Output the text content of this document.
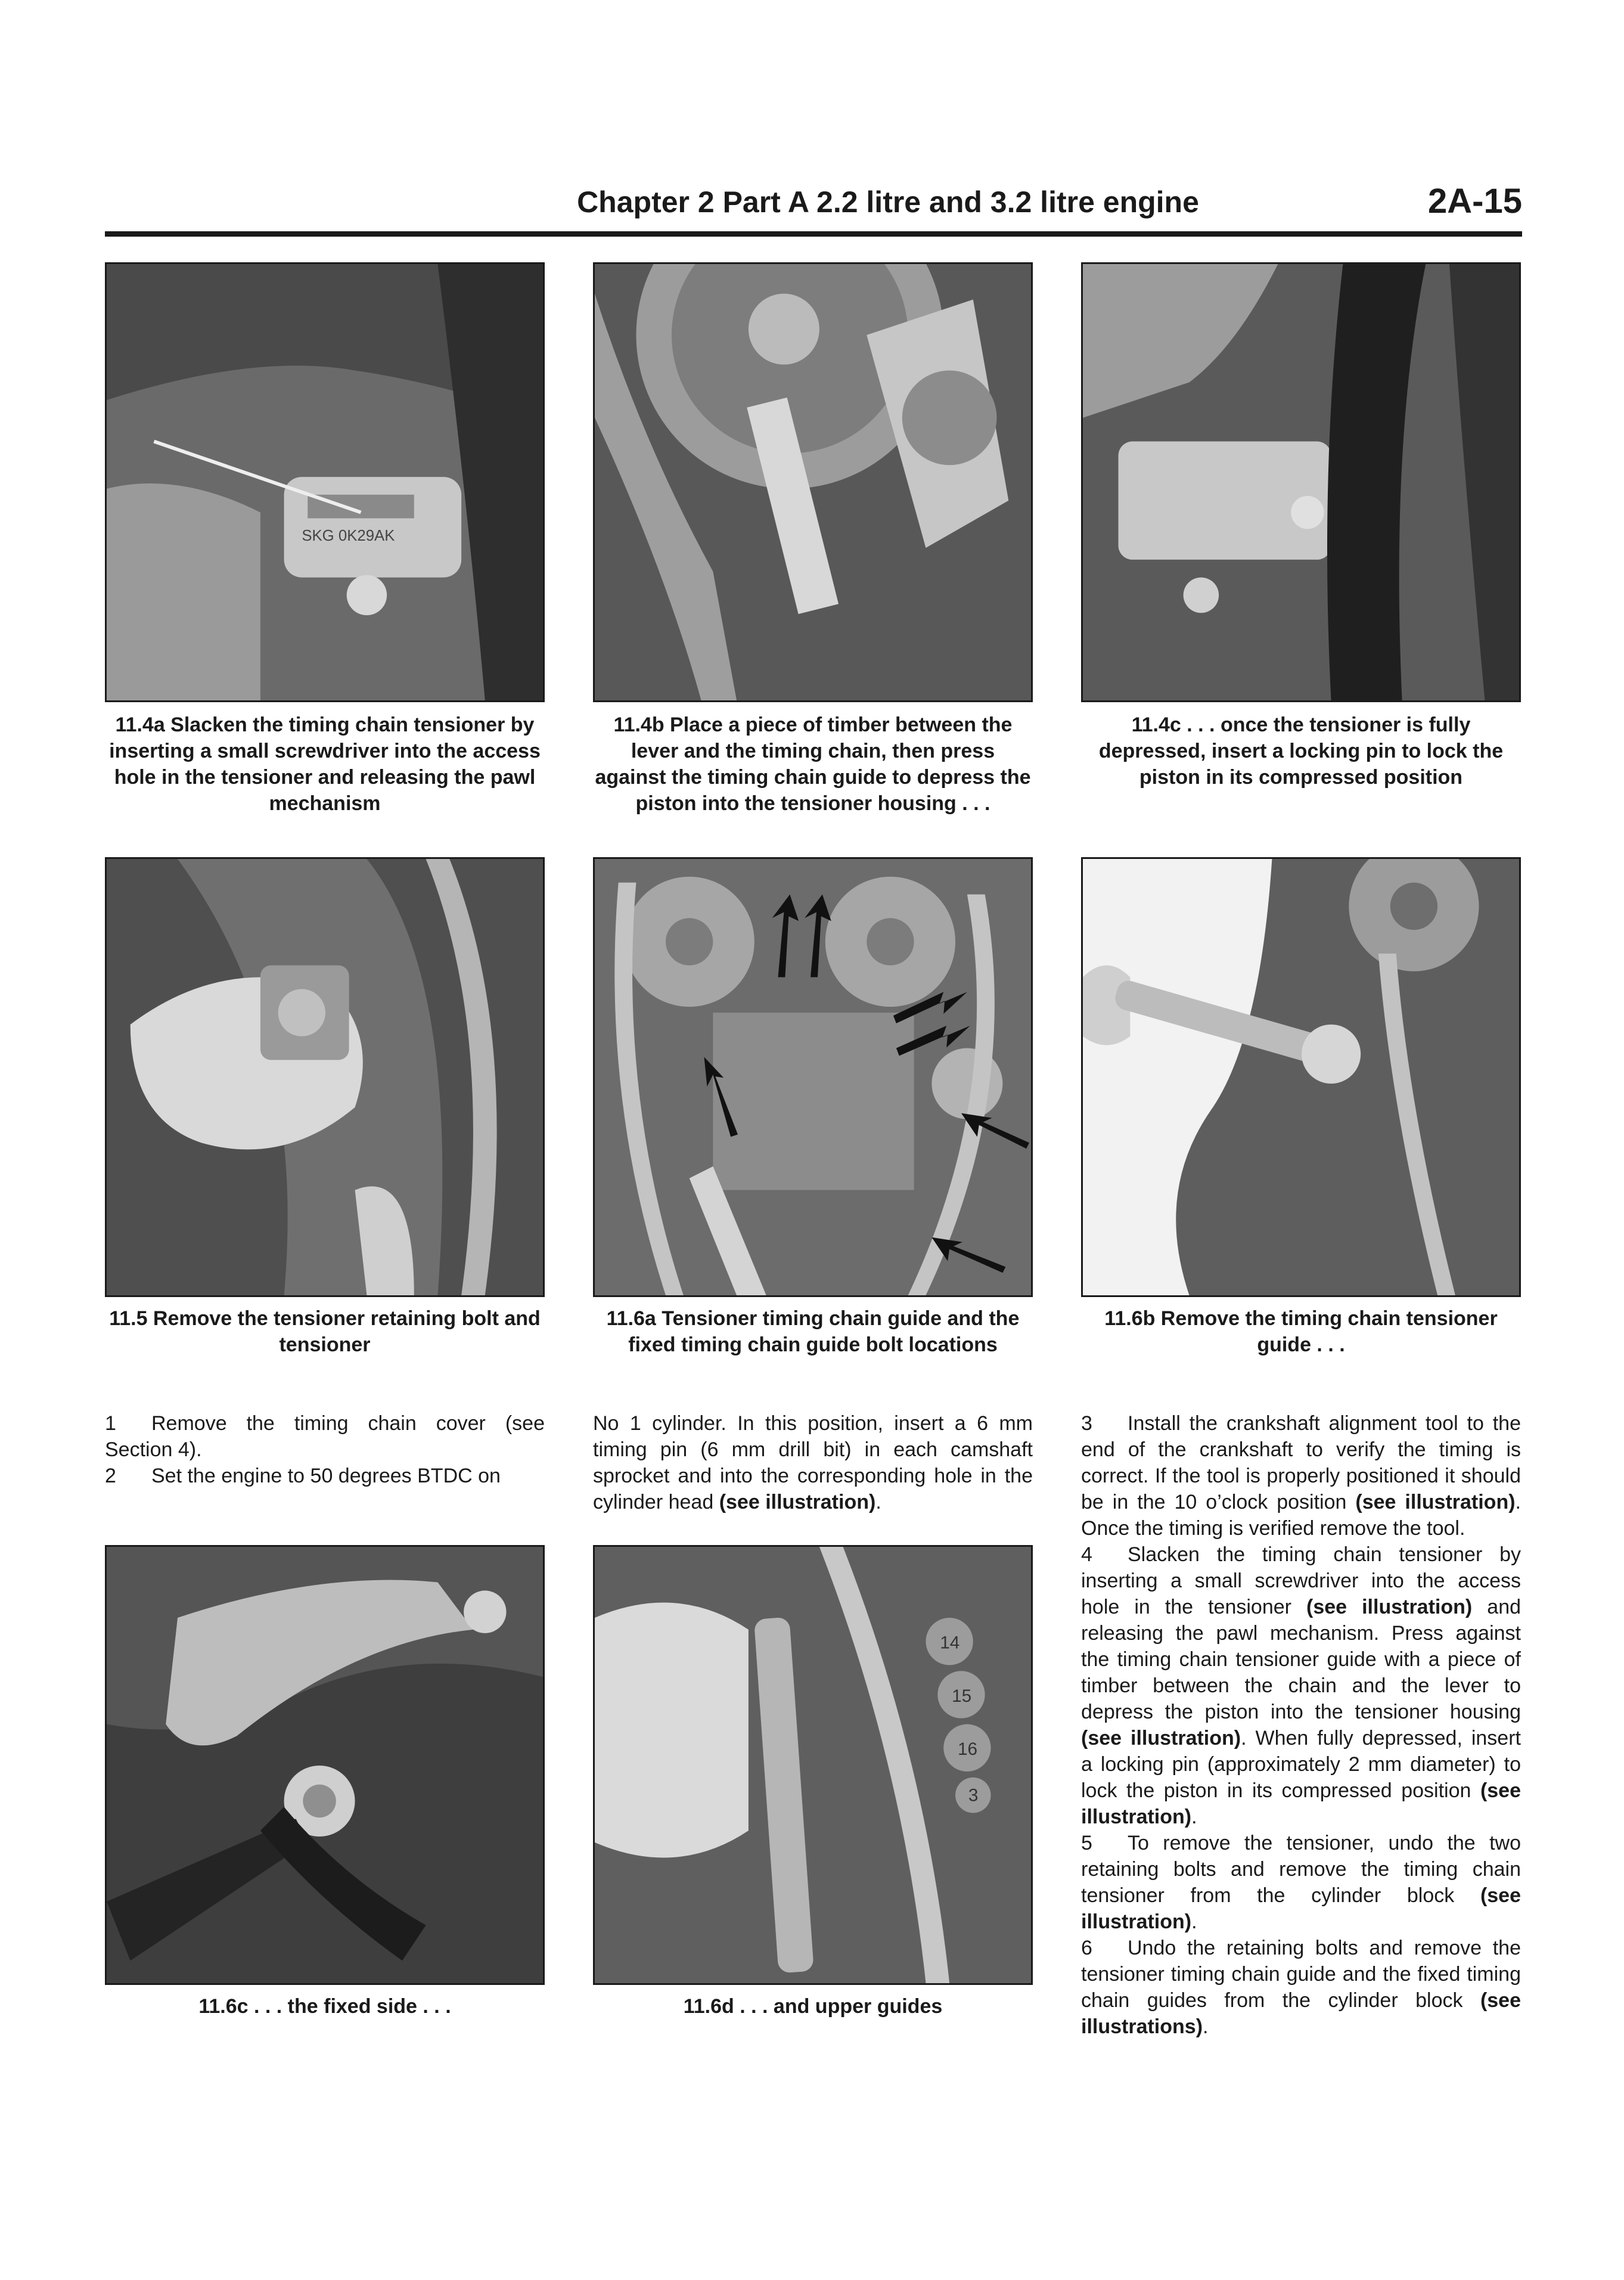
Chapter 2 Part A 2.2 litre and 3.2 litre engine	2A-15
SKG 0K29AK
11.4a Slacken the timing chain tensioner by inserting a small screwdriver into the access hole in the tensioner and releasing the pawl mechanism
11.4b Place a piece of timber between the lever and the timing chain, then press against the timing chain guide to depress the piston into the tensioner housing . . .
11.4c . . . once the tensioner is fully depressed, insert a locking pin to lock the piston in its compressed position
11.5 Remove the tensioner retaining bolt and tensioner
11.6a Tensioner timing chain guide and the fixed timing chain guide bolt locations
11.6b Remove the timing chain tensioner guide . . .

1 Remove the timing chain cover (see Section 4).

2 Set the engine to 50 degrees BTDC on

No 1 cylinder. In this position, insert a 6 mm timing pin (6 mm drill bit) in each camshaft sprocket and into the corresponding hole in the cylinder head (see illustration).

3 Install the crankshaft alignment tool to the end of the crankshaft to verify the timing is correct. If the tool is properly positioned it should be in the 10 o’clock position (see illustration). Once the timing is verified remove the tool.

4 Slacken the timing chain tensioner by inserting a small screwdriver into the access hole in the tensioner (see illustration) and releasing the pawl mechanism. Press against the timing chain tensioner guide with a piece of timber between the chain and the lever to depress the piston into the tensioner housing (see illustration). When fully depressed, insert a locking pin (approximately 2 mm diameter) to lock the piston in its compressed position (see illustration).

5 To remove the tensioner, undo the two retaining bolts and remove the timing chain tensioner from the cylinder block (see illustration).

6 Undo the retaining bolts and remove the tensioner timing chain guide and the fixed timing chain guides from the cylinder block (see illustrations).

14
15
16
3
11.6c . . . the fixed side . . .	11.6d . . . and upper guides
